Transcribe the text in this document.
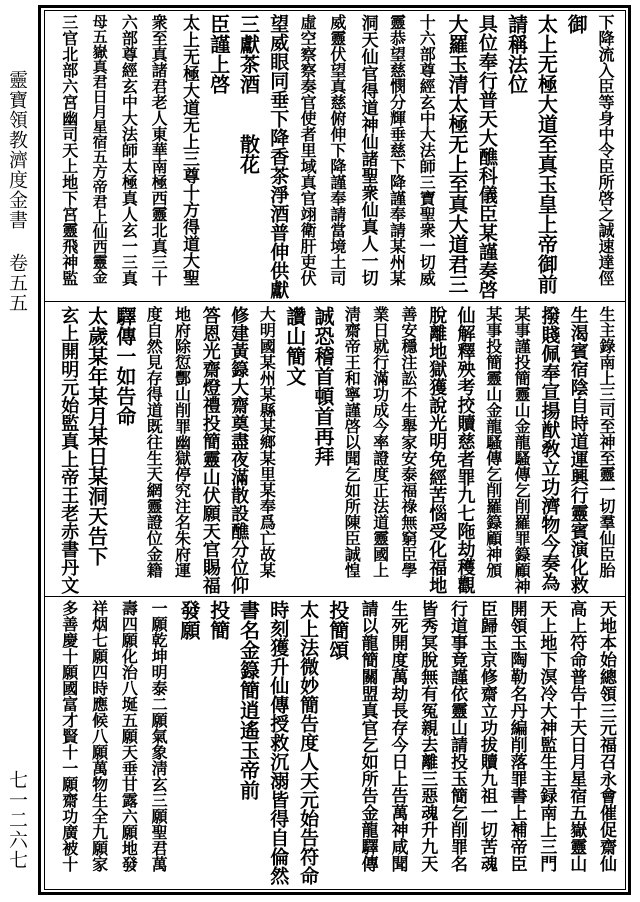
靈寶領教濟度金書 卷五五
七一二六七
下降流入臣等身中令臣所啓之誠速達俓
御
太上无極大道至真玉皇上帝御前
請稱法位
具位奉行普天大醮科儀臣某謹奏啓
大羅玉清太極无上至真大道君三
十六部尊經玄中大法師三寶聖衆一切威
靈恭望慈憫分輝垂慈下降謹奉請某州某
洞天仙官得道神仙諸聖衆仙真人一切
威靈伏望真慈俯伸下降謹奉請當境土司
虛空察察奏官使者里域真官翊衛肝吏伏
望威眼同垂下降香茶淨酒普伸供獻
三獻茶酒　　散花
臣謹上啓
太上无極大道无上三尊十方得道大聖
衆至真諸君老人東華南極西靈北真三十
六部尊經玄中大法師太極真人玄一三真
母五嶽真君日月星宿五方帝君上仙西靈金
三官北部六宮幽司天上地下宮靈飛神監
生主錄南上三司至神至靈一切羣仙臣胎
生渴賓宿陰自時道運興行靈賓演化救
撥賤佩奉宣揚猷敎立功濟物今奏為
某事謹投簡靈山金龍騷傳乞削羅罪籙顧神
某事投簡靈山金龍騷傳乞削羅籙顧神頒
仙解釋殃考挍贖慈者罪九七陁劫穫觀
脫離地獄獲說光明免經苦惱受化福地
善安穩注訟不生舉家安泰福祿無窮臣學
業日就行滿功成今率證度正法道靈國上
淸齋帝王和寧謹啓以聞乞如所陳臣誠惶
誠恐稽首頓首再拜
讚山簡文
大明國某州某縣某鄉某里某奉爲亡故某
修建黃籙大齋奠盡夜滿散設醮分位仰
答恩光齋燈禮投簡靈山伏願天官賜福
地府除愆酆山削罪幽獄停究注名朱府運
度自然見存得道既往生天網靈證位金籍
驛傳一如告命
太歲某年某月某日某洞天告下
玄上開明元始監真上帝王老赤書丹文
天地本始總領三元福召永會催促齋仙
高上符命普告十天日月星宿五嶽靈山
天上地下溟冷大神監生主録南上三門
開領玉陶勒名丹編削落罪書上補帝臣
臣歸玉京修齋立功拔贖九祖一切苦魂
行道事竟謹依靈山請投玉簡乞削罪名
皆秀冥脫無有冤親去離三惡魂升九天
生死開度萬劫長存今日上告萬神咸聞
請以龍簡關盟真官乞如所告金龍驛傳
投簡頌
太上法微妙簡告度人天元始告符命
時刻獲升仙傳授救沉溺皆得自倫然
書名金籙簡逍遙玉帝前
投簡
發願
一願乾坤明泰二願氣象淸玄三願聖君萬
壽四願化治八埏五願天垂甘露六願地發
祥烟七願四時應候八願萬物生全九願家
多善慶十願國富才賢十一願齋功廣被十
